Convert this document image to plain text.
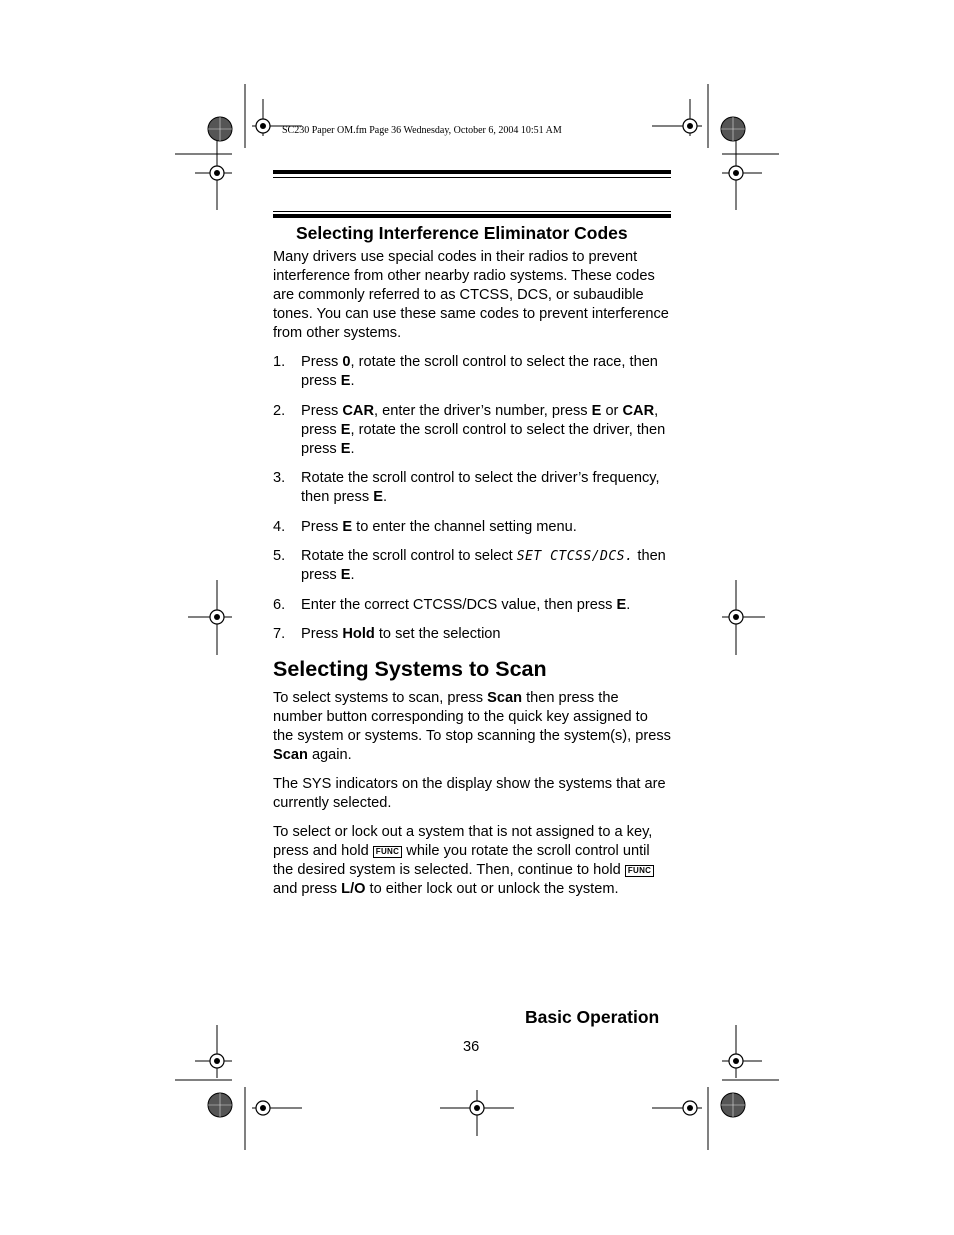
SC230 Paper OM.fm Page 36 Wednesday, October 6, 2004 10:51 AM
Selecting Interference Eliminator Codes

Many drivers use special codes in their radios to prevent interference from other nearby radio systems. These codes are commonly referred to as CTCSS, DCS, or subaudible tones. You can use these same codes to prevent interference from other systems.

1. Press 0, rotate the scroll control to select the race, then press E.
2. Press CAR, enter the driver’s number, press E or CAR, press E, rotate the scroll control to select the driver, then press E.
3. Rotate the scroll control to select the driver’s frequency, then press E.
4. Press E to enter the channel setting menu.
5. Rotate the scroll control to select SET CTCSS/DCS. then press E.
6. Enter the correct CTCSS/DCS value, then press E.
7. Press Hold to set the selection
Selecting Systems to Scan

To select systems to scan, press Scan then press the number button corresponding to the quick key assigned to the system or systems. To stop scanning the system(s), press Scan again.

The SYS indicators on the display show the systems that are currently selected.

To select or lock out a system that is not assigned to a key, press and hold FUNC while you rotate the scroll control until the desired system is selected. Then, continue to hold FUNC and press L/O to either lock out or unlock the system.

Basic Operation
36
